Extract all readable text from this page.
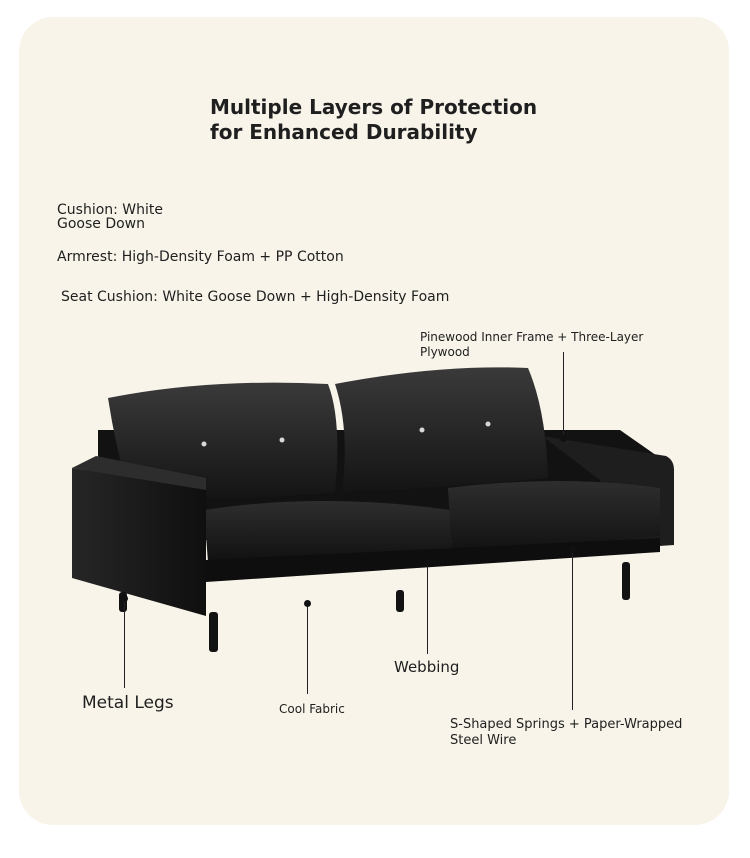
Multiple Layers of Protection
for Enhanced Durability
Cushion: White
Goose Down
Armrest: High-Density Foam + PP Cotton
Seat Cushion: White Goose Down + High-Density Foam
Pinewood Inner Frame + Three-Layer
Plywood
Webbing
Metal Legs	Cool Fabric
S-Shaped Springs + Paper-Wrapped
Steel Wire
